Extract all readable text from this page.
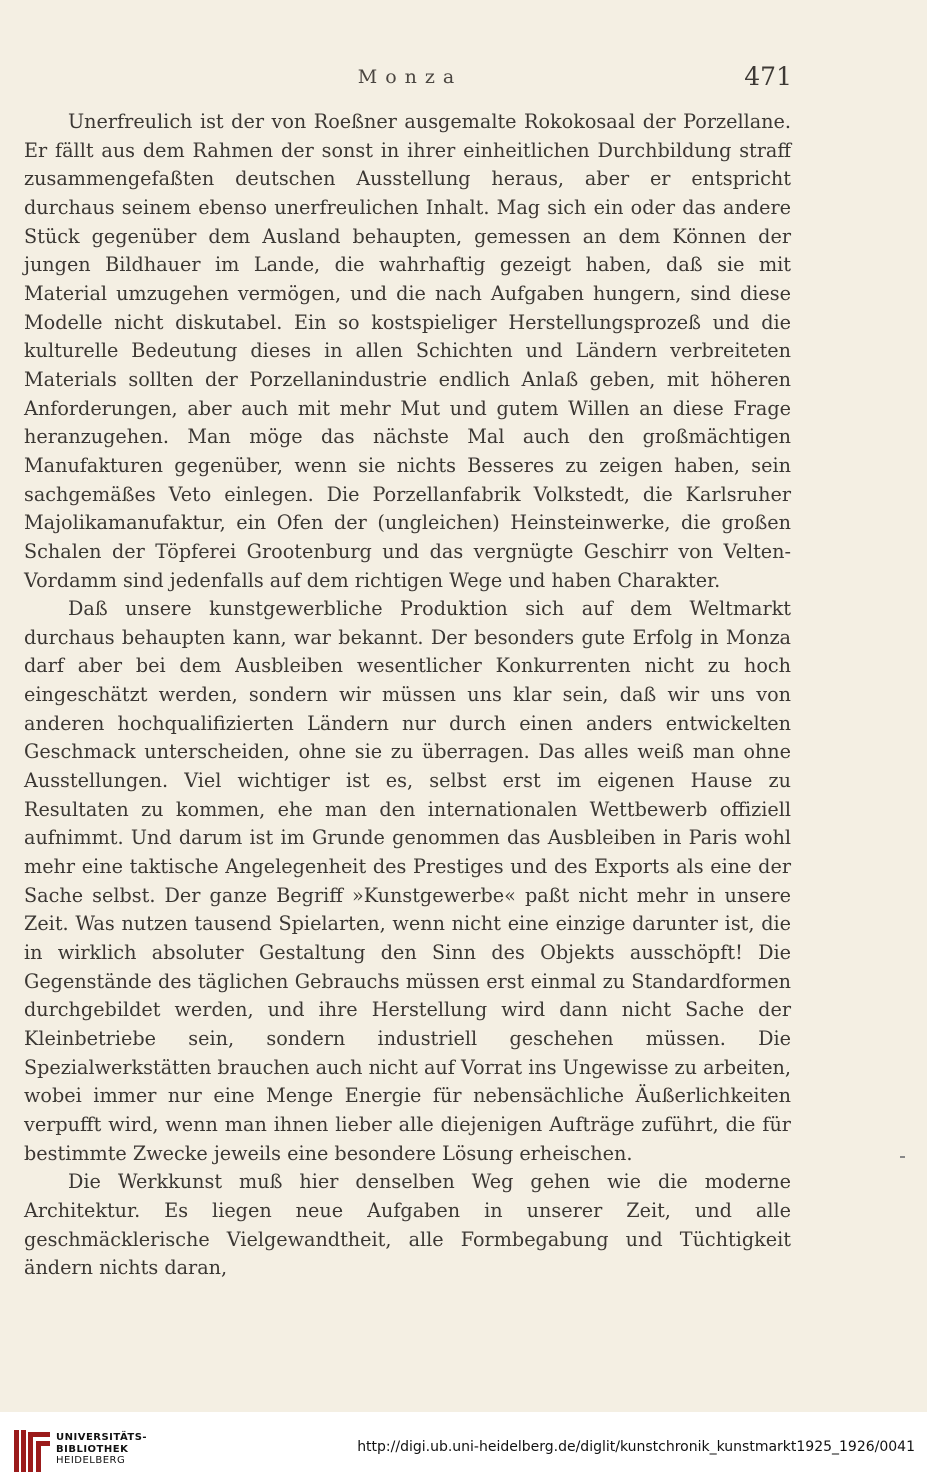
Monza	471

Unerfreulich ist der von Roeßner ausgemalte Rokokosaal der Porzellane. Er fällt aus dem Rahmen der sonst in ihrer einheitlichen Durchbildung straff zusammengefaßten deutschen Ausstellung heraus, aber er entspricht durchaus seinem ebenso unerfreulichen Inhalt. Mag sich ein oder das andere Stück gegenüber dem Ausland behaupten, gemessen an dem Können der jungen Bildhauer im Lande, die wahrhaftig gezeigt haben, daß sie mit Material umzugehen vermögen, und die nach Aufgaben hungern, sind diese Modelle nicht diskutabel. Ein so kostspieliger Herstellungsprozeß und die kulturelle Bedeutung dieses in allen Schichten und Ländern verbreiteten Materials sollten der Porzellanindustrie endlich Anlaß geben, mit höheren Anforderungen, aber auch mit mehr Mut und gutem Willen an diese Frage heranzugehen. Man möge das nächste Mal auch den großmächtigen Manufakturen gegenüber, wenn sie nichts Besseres zu zeigen haben, sein sachgemäßes Veto einlegen. Die Porzellanfabrik Volkstedt, die Karlsruher Majolikamanufaktur, ein Ofen der (ungleichen) Heinsteinwerke, die großen Schalen der Töpferei Grootenburg und das vergnügte Geschirr von Velten-Vordamm sind jedenfalls auf dem richtigen Wege und haben Charakter.

Daß unsere kunstgewerbliche Produktion sich auf dem Weltmarkt durchaus behaupten kann, war bekannt. Der besonders gute Erfolg in Monza darf aber bei dem Ausbleiben wesentlicher Konkurrenten nicht zu hoch eingeschätzt werden, sondern wir müssen uns klar sein, daß wir uns von anderen hochqualifizierten Ländern nur durch einen anders entwickelten Geschmack unterscheiden, ohne sie zu überragen. Das alles weiß man ohne Ausstellungen. Viel wichtiger ist es, selbst erst im eigenen Hause zu Resultaten zu kommen, ehe man den internationalen Wettbewerb offiziell aufnimmt. Und darum ist im Grunde genommen das Ausbleiben in Paris wohl mehr eine taktische Angelegenheit des Prestiges und des Exports als eine der Sache selbst. Der ganze Begriff »Kunstgewerbe« paßt nicht mehr in unsere Zeit. Was nutzen tausend Spielarten, wenn nicht eine einzige darunter ist, die in wirklich absoluter Gestaltung den Sinn des Objekts ausschöpft! Die Gegenstände des täglichen Gebrauchs müssen erst einmal zu Standardformen durchgebildet werden, und ihre Herstellung wird dann nicht Sache der Kleinbetriebe sein, sondern industriell geschehen müssen. Die Spezialwerkstätten brauchen auch nicht auf Vorrat ins Ungewisse zu arbeiten, wobei immer nur eine Menge Energie für nebensächliche Äußerlichkeiten verpufft wird, wenn man ihnen lieber alle diejenigen Aufträge zuführt, die für bestimmte Zwecke jeweils eine besondere Lösung erheischen.

Die Werkkunst muß hier denselben Weg gehen wie die moderne Architektur. Es liegen neue Aufgaben in unserer Zeit, und alle geschmäcklerische Vielgewandtheit, alle Formbegabung und Tüchtigkeit ändern nichts daran,

UNIVERSITÄTS-
BIBLIOTHEK
HEIDELBERG
http://digi.ub.uni-heidelberg.de/diglit/kunstchronik_kunstmarkt1925_1926/0041
